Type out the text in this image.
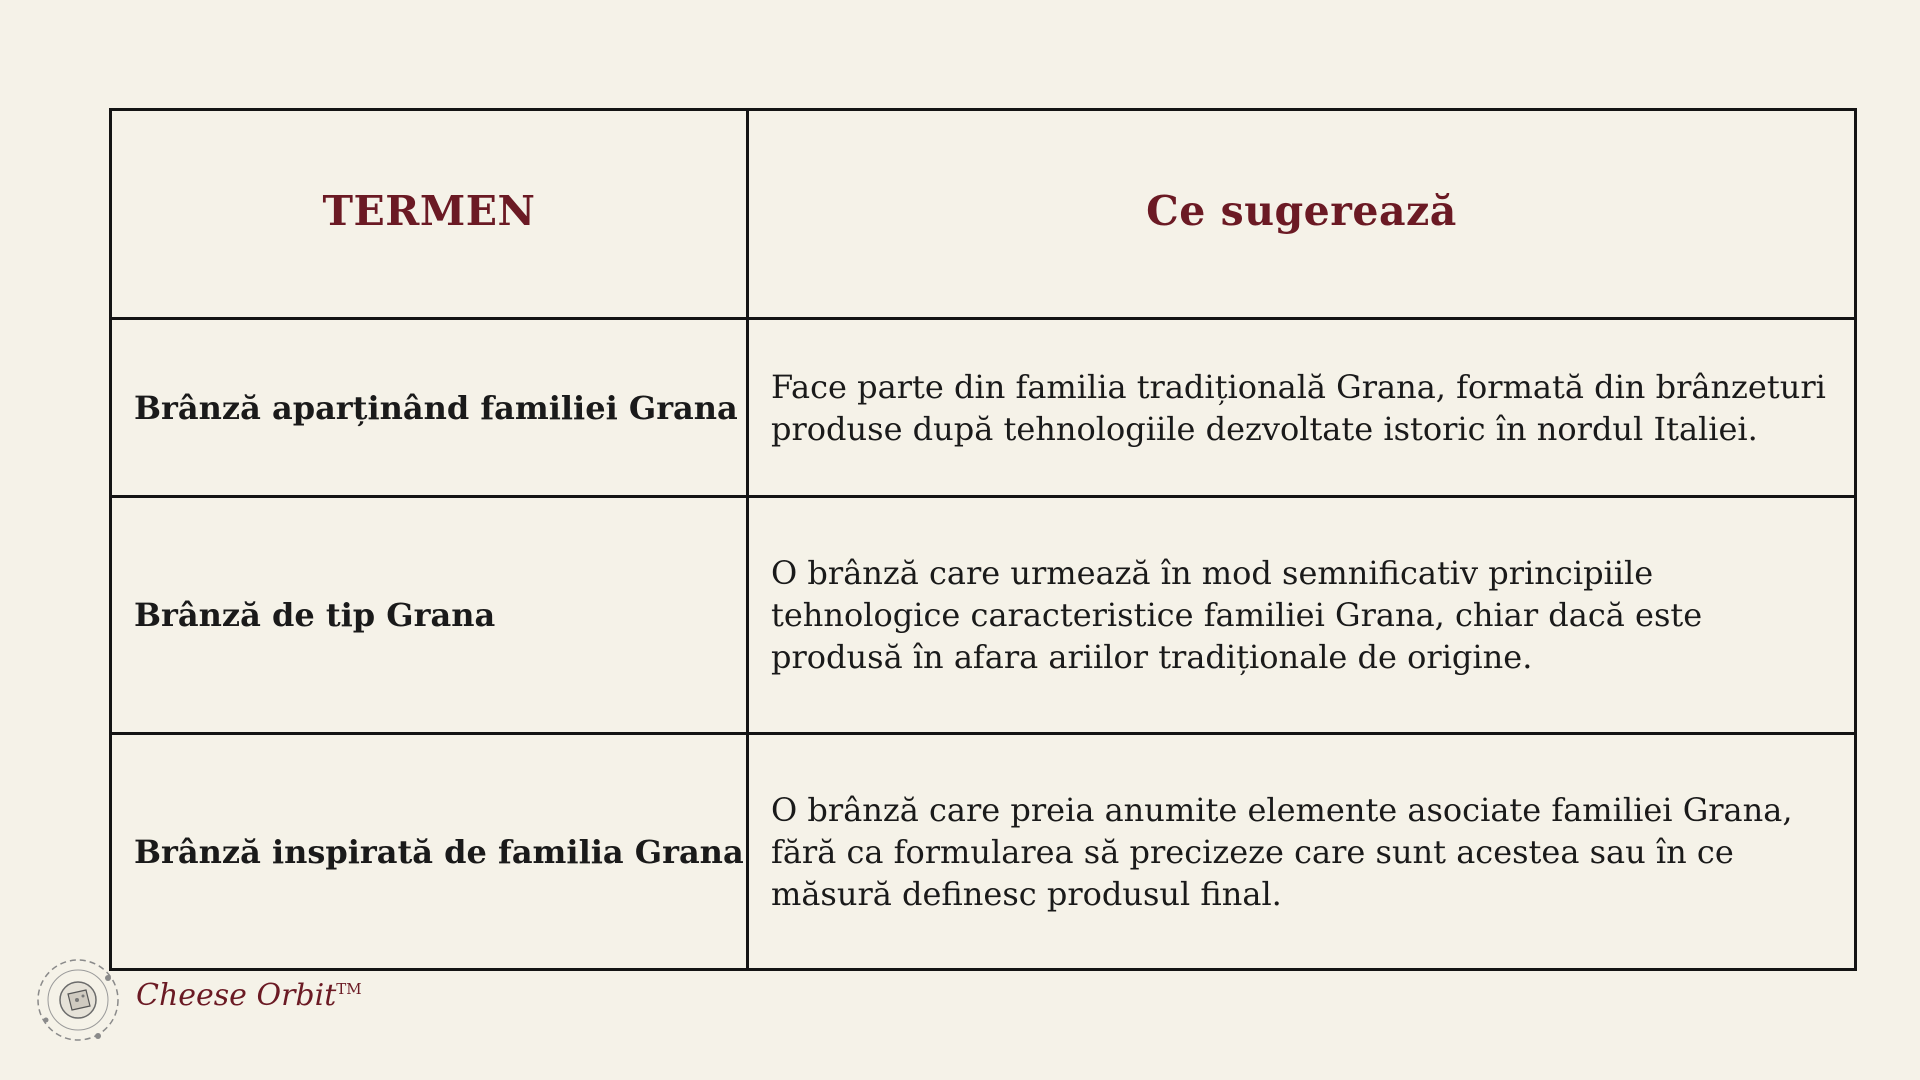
TERMEN	Ce sugerează
Brânză aparținând familiei Grana
Face parte din familia tradițională Grana, formată din brânzeturi produse după tehnologiile dezvoltate istoric în nordul Italiei.
Brânză de tip Grana
O brânză care urmează în mod semnificativ principiile tehnologice caracteristice familiei Grana, chiar dacă este produsă în afara ariilor tradiționale de origine.
Brânză inspirată de familia Grana
O brânză care preia anumite elemente asociate familiei Grana, fără ca formularea să precizeze care sunt acestea sau în ce măsură definesc produsul final.
Cheese Orbit™
